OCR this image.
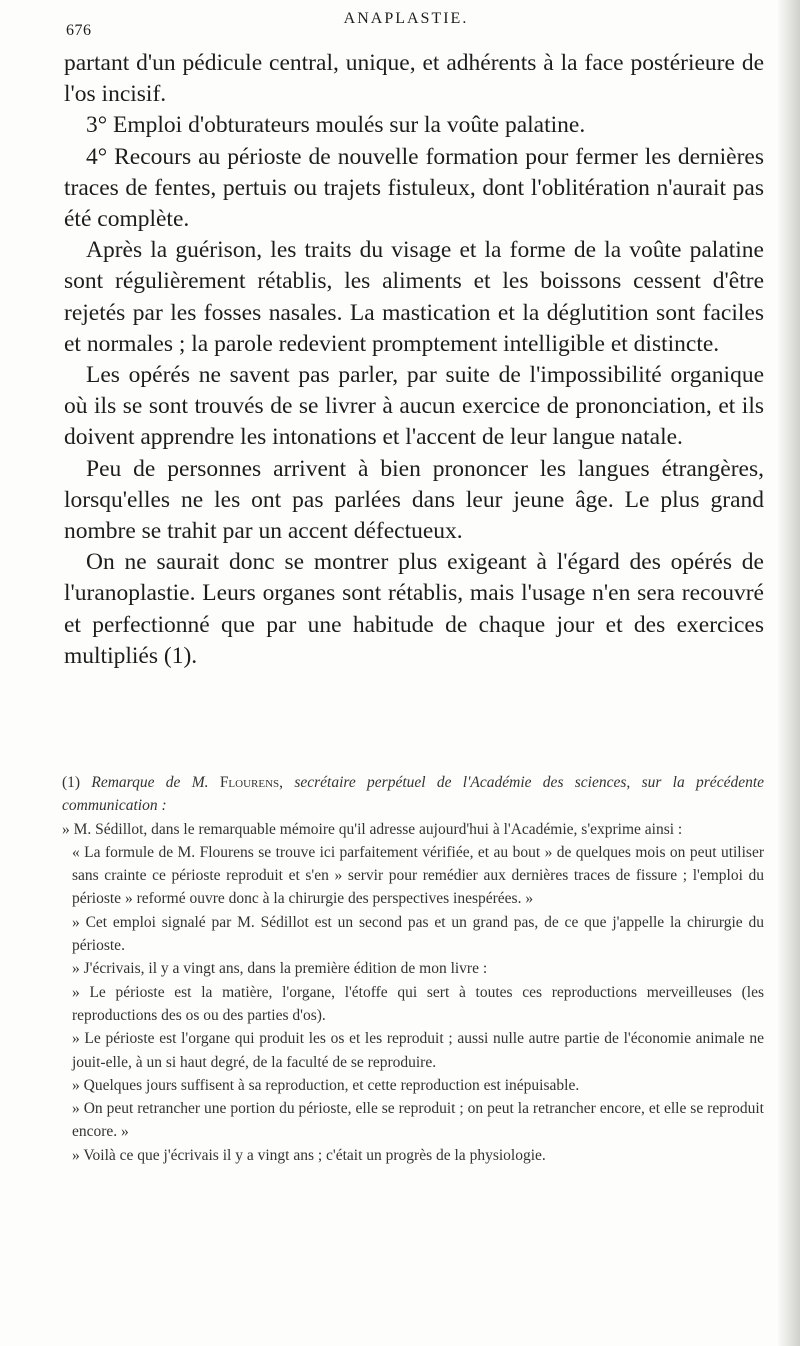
676
ANAPLASTIE.

partant d'un pédicule central, unique, et adhérents à la face postérieure de l'os incisif.

3° Emploi d'obturateurs moulés sur la voûte palatine.

4° Recours au périoste de nouvelle formation pour fermer les dernières traces de fentes, pertuis ou trajets fistuleux, dont l'oblitération n'aurait pas été complète.

Après la guérison, les traits du visage et la forme de la voûte palatine sont régulièrement rétablis, les aliments et les boissons cessent d'être rejetés par les fosses nasales. La mastication et la déglutition sont faciles et normales ; la parole redevient promptement intelligible et distincte.

Les opérés ne savent pas parler, par suite de l'impossibilité organique où ils se sont trouvés de se livrer à aucun exercice de prononciation, et ils doivent apprendre les intonations et l'accent de leur langue natale.

Peu de personnes arrivent à bien prononcer les langues étrangères, lorsqu'elles ne les ont pas parlées dans leur jeune âge. Le plus grand nombre se trahit par un accent défectueux.

On ne saurait donc se montrer plus exigeant à l'égard des opérés de l'uranoplastie. Leurs organes sont rétablis, mais l'usage n'en sera recouvré et perfectionné que par une habitude de chaque jour et des exercices multipliés (1).

(1) Remarque de M. Flourens, secrétaire perpétuel de l'Académie des sciences, sur la précédente communication :

» M. Sédillot, dans le remarquable mémoire qu'il adresse aujourd'hui à l'Académie, s'exprime ainsi :

« La formule de M. Flourens se trouve ici parfaitement vérifiée, et au bout » de quelques mois on peut utiliser sans crainte ce périoste reproduit et s'en » servir pour remédier aux dernières traces de fissure ; l'emploi du périoste » reformé ouvre donc à la chirurgie des perspectives inespérées. »

» Cet emploi signalé par M. Sédillot est un second pas et un grand pas, de ce que j'appelle la chirurgie du périoste.

» J'écrivais, il y a vingt ans, dans la première édition de mon livre :

» Le périoste est la matière, l'organe, l'étoffe qui sert à toutes ces reproductions merveilleuses (les reproductions des os ou des parties d'os).

» Le périoste est l'organe qui produit les os et les reproduit ; aussi nulle autre partie de l'économie animale ne jouit-elle, à un si haut degré, de la faculté de se reproduire.

» Quelques jours suffisent à sa reproduction, et cette reproduction est inépuisable.

» On peut retrancher une portion du périoste, elle se reproduit ; on peut la retrancher encore, et elle se reproduit encore. »

» Voilà ce que j'écrivais il y a vingt ans ; c'était un progrès de la physiologie.
